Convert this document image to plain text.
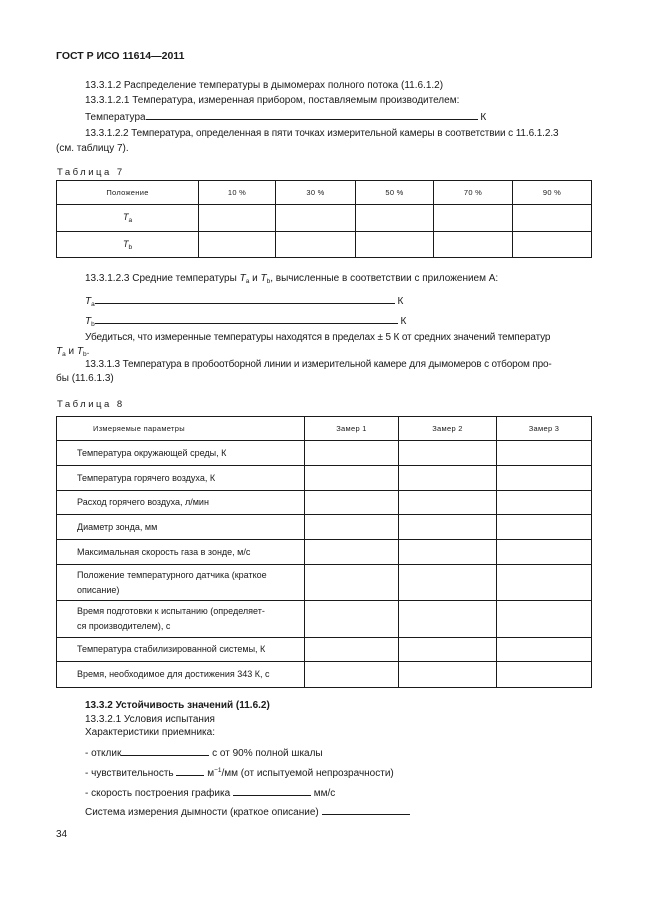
ГОСТ Р ИСО 11614—2011
13.3.1.2 Распределение температуры в дымомерах полного потока (11.6.1.2)
13.3.1.2.1 Температура, измеренная прибором, поставляемым производителем:
Температура	К
13.3.1.2.2 Температура, определенная в пяти точках измерительной камеры в соответствии с 11.6.1.2.3
(см. таблицу 7).
Таблица 7
Положение	10 %	30 %	50 %	70 %	90 %
$T_a$					
$T_b$					
13.3.1.2.3 Средние температуры $T_a$ и $T_b$, вычисленные в соответствии с приложением А:
$T_a$	К
$T_b$	К
Убедиться, что измеренные температуры находятся в пределах ± 5 К от средних значений температур
$T_a$ и $T_b$.
13.3.1.3 Температура в пробоотборной линии и измерительной камере для дымомеров с отбором про-
бы (11.6.1.3)
Таблица 8
Измеряемые параметры	Замер 1	Замер 2	Замер 3
Температура окружающей среды, К			
Температура горячего воздуха, К			
Расход горячего воздуха, л/мин			
Диаметр зонда, мм			
Максимальная скорость газа в зонде, м/с			

Положение температурного датчика (краткое
описание)			

Время подготовки к испытанию (определяет-
ся производителем), с			

Температура стабилизированной системы, К			
Время, необходимое для достижения 343 К, с			
13.3.2 Устойчивость значений (11.6.2)
13.3.2.1 Условия испытания
Характеристики приемника:
- отклик	с от 90% полной шкалы
- чувствительность	$м^{-1}/мм$ (от испытуемой непрозрачности)
- скорость построения графика	мм/с
Система измерения дымности (краткое описание)
34
